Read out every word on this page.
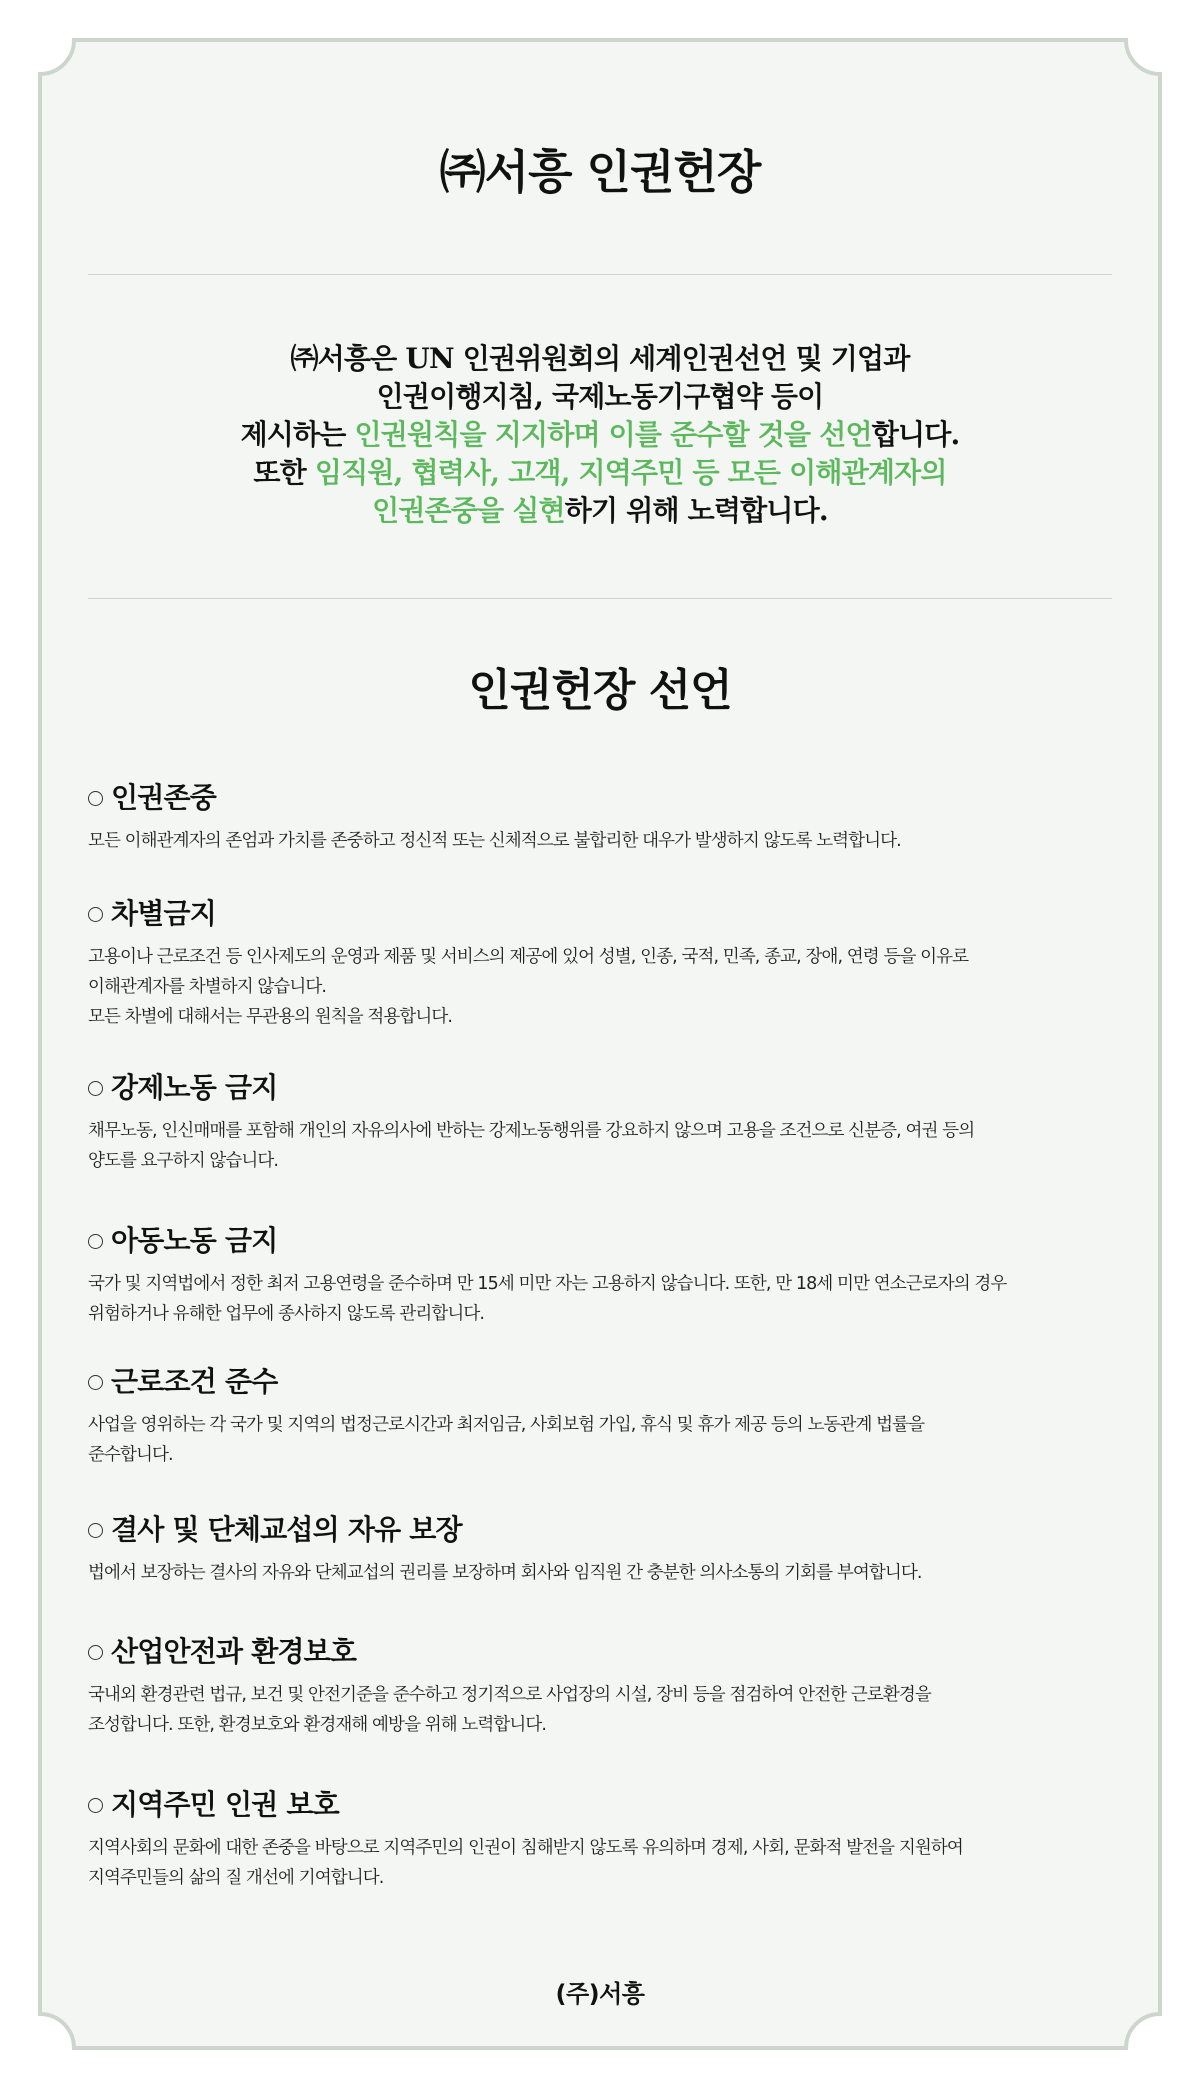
㈜서흥 인권헌장
㈜서흥은 UN 인권위원회의 세계인권선언 및 기업과
인권이행지침, 국제노동기구협약 등이
제시하는 인권원칙을 지지하며 이를 준수할 것을 선언합니다.
또한 임직원, 협력사, 고객, 지역주민 등 모든 이해관계자의
인권존중을 실현하기 위해 노력합니다.
인권헌장 선언
인권존중
모든 이해관계자의 존엄과 가치를 존중하고 정신적 또는 신체적으로 불합리한 대우가 발생하지 않도록 노력합니다.
차별금지
고용이나 근로조건 등 인사제도의 운영과 제품 및 서비스의 제공에 있어 성별, 인종, 국적, 민족, 종교, 장애, 연령 등을 이유로
이해관계자를 차별하지 않습니다.
모든 차별에 대해서는 무관용의 원칙을 적용합니다.
강제노동 금지
채무노동, 인신매매를 포함해 개인의 자유의사에 반하는 강제노동행위를 강요하지 않으며 고용을 조건으로 신분증, 여권 등의
양도를 요구하지 않습니다.
아동노동 금지
국가 및 지역법에서 정한 최저 고용연령을 준수하며 만 15세 미만 자는 고용하지 않습니다. 또한, 만 18세 미만 연소근로자의 경우
위험하거나 유해한 업무에 종사하지 않도록 관리합니다.
근로조건 준수
사업을 영위하는 각 국가 및 지역의 법정근로시간과 최저임금, 사회보험 가입, 휴식 및 휴가 제공 등의 노동관계 법률을
준수합니다.
결사 및 단체교섭의 자유 보장
법에서 보장하는 결사의 자유와 단체교섭의 권리를 보장하며 회사와 임직원 간 충분한 의사소통의 기회를 부여합니다.
산업안전과 환경보호
국내외 환경관련 법규, 보건 및 안전기준을 준수하고 정기적으로 사업장의 시설, 장비 등을 점검하여 안전한 근로환경을
조성합니다. 또한, 환경보호와 환경재해 예방을 위해 노력합니다.
지역주민 인권 보호
지역사회의 문화에 대한 존중을 바탕으로 지역주민의 인권이 침해받지 않도록 유의하며 경제, 사회, 문화적 발전을 지원하여
지역주민들의 삶의 질 개선에 기여합니다.
(주)서흥
